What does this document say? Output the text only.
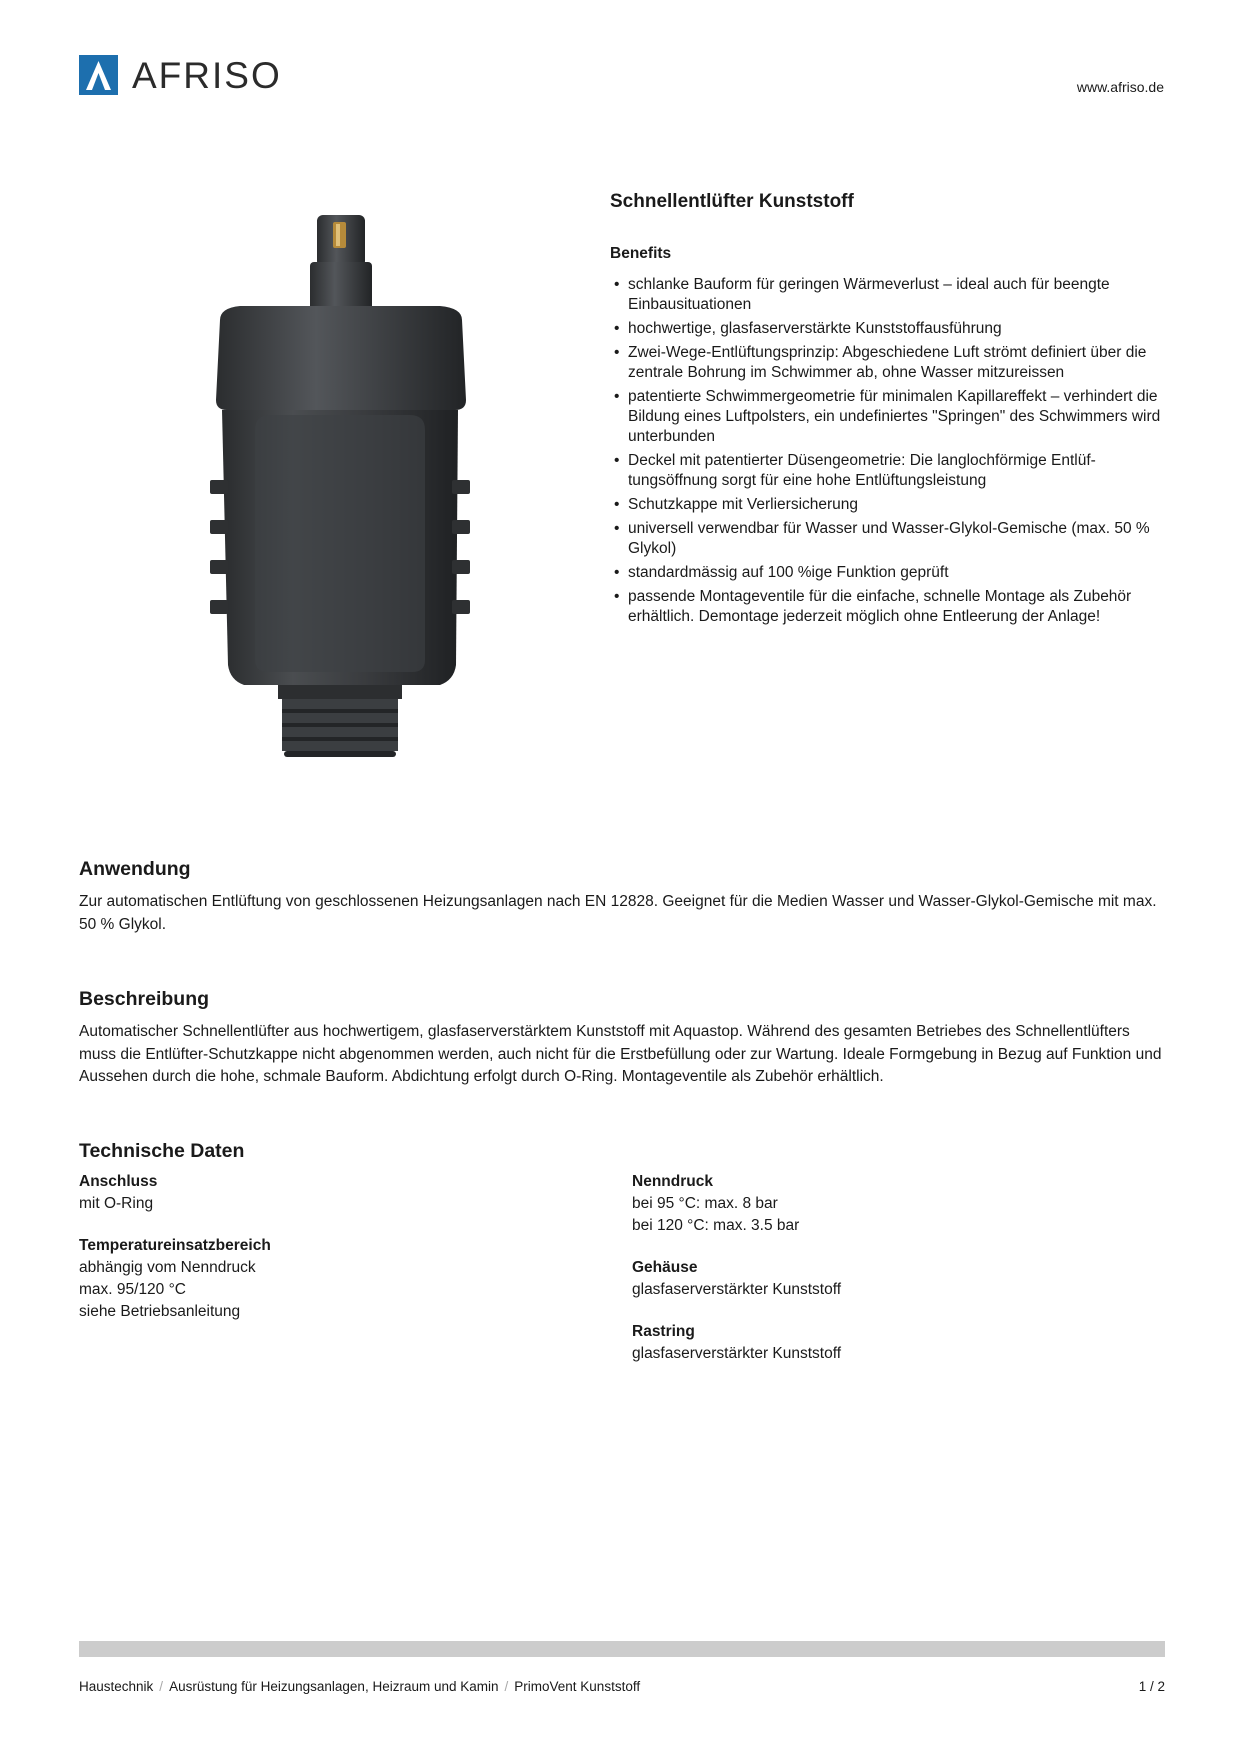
AFRISO	www.afriso.de
Schnellentlüfter Kunststoff
Benefits
• schlanke Bauform für geringen Wärmeverlust – ideal auch für beengte Einbausituationen
• hochwertige, glasfaserverstärkte Kunststoffausführung
• Zwei-Wege-Entlüftungsprinzip: Abgeschiedene Luft strömt definiert über die zentrale Bohrung im Schwimmer ab, ohne Wasser mitzureissen
• patentierte Schwimmergeometrie für minimalen Kapillareffekt – verhindert die Bildung eines Luftpolsters, ein undefiniertes "Springen" des Schwimmers wird unterbunden
• Deckel mit patentierter Düsengeometrie: Die langlochförmige Entlüftungsöffnung sorgt für eine hohe Entlüftungsleistung
• Schutzkappe mit Verliersicherung
• universell verwendbar für Wasser und Wasser-Glykol-Gemische (max. 50 % Glykol)
• standardmässig auf 100 %ige Funktion geprüft
• passende Montageventile für die einfache, schnelle Montage als Zubehör erhältlich. Demontage jederzeit möglich ohne Entleerung der Anlage!
Anwendung

Zur automatischen Entlüftung von geschlossenen Heizungsanlagen nach EN 12828. Geeignet für die Medien Wasser und Wasser-Glykol-Gemische mit max. 50 % Glykol.

Beschreibung

Automatischer Schnellentlüfter aus hochwertigem, glasfaserverstärktem Kunststoff mit Aquastop. Während des gesamten Betriebes des Schnellentlüfters muss die Entlüfter-Schutzkappe nicht abgenommen werden, auch nicht für die Erstbefüllung oder zur Wartung. Ideale Formgebung in Bezug auf Funktion und Aussehen durch die hohe, schmale Bauform. Abdichtung erfolgt durch O-Ring. Montageventile als Zubehör erhältlich.

Technische Daten
Anschluss
mit O-Ring
Temperatureinsatzbereich
abhängig vom Nenndruck
max. 95/120 °C
siehe Betriebsanleitung
Nenndruck
bei 95 °C: max. 8 bar
bei 120 °C: max. 3.5 bar
Gehäuse
glasfaserverstärkter Kunststoff
Rastring
glasfaserverstärkter Kunststoff
Haustechnik / Ausrüstung für Heizungsanlagen, Heizraum und Kamin / PrimoVent Kunststoff	1 / 2
